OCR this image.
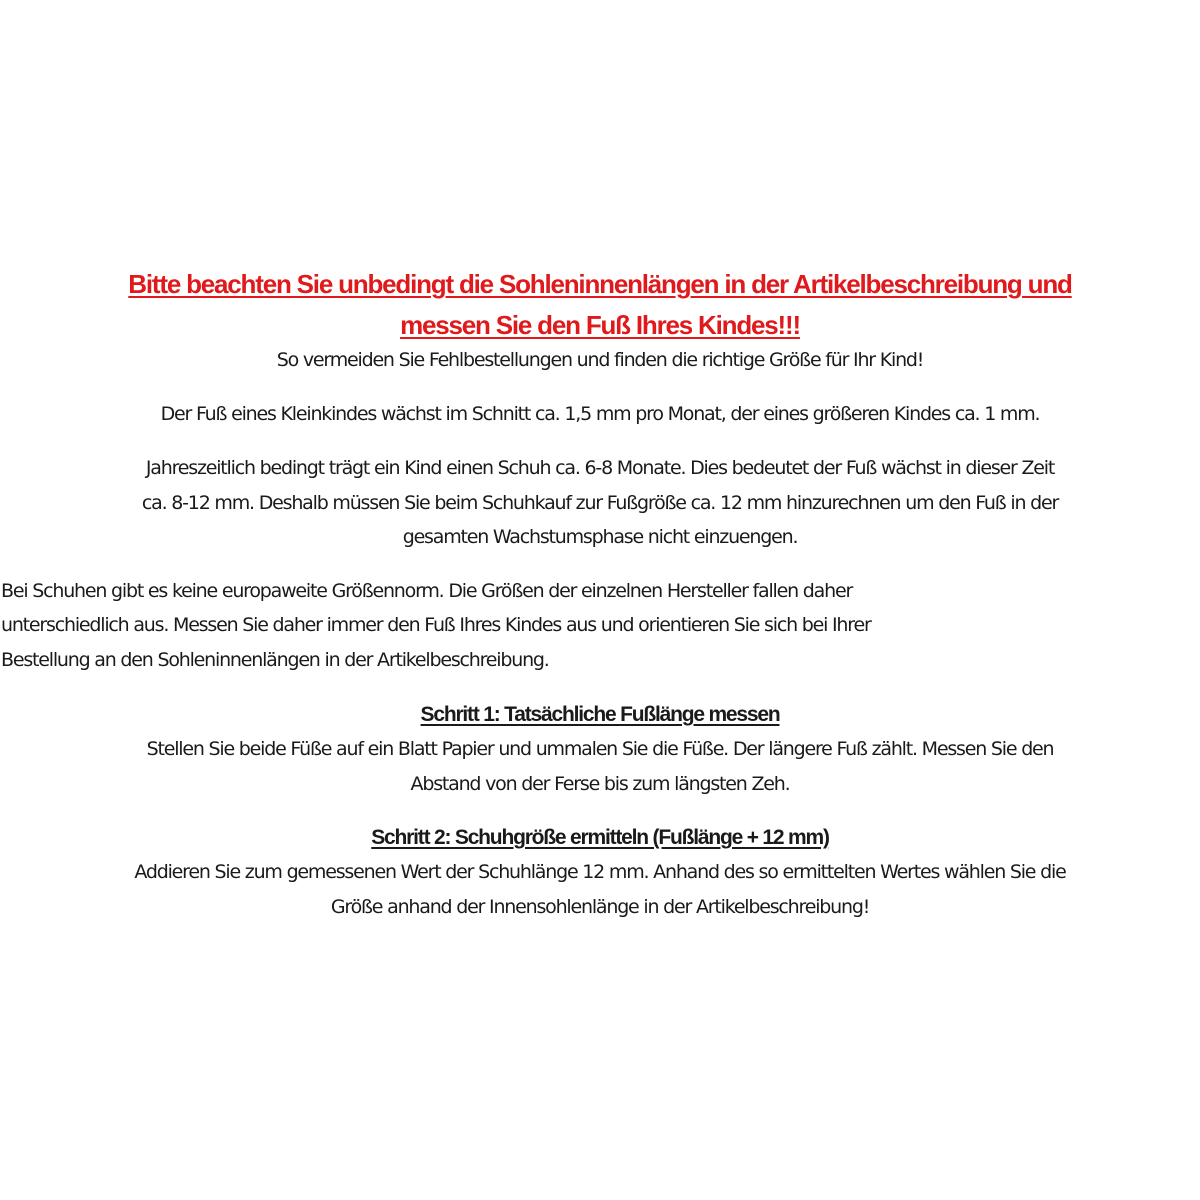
Bitte beachten Sie unbedingt die Sohleninnenlängen in der Artikelbeschreibung und

messen Sie den Fuß Ihres Kindes!!!

So vermeiden Sie Fehlbestellungen und finden die richtige Größe für Ihr Kind!

Der Fuß eines Kleinkindes wächst im Schnitt ca. 1,5 mm pro Monat, der eines größeren Kindes ca. 1 mm.

Jahreszeitlich bedingt trägt ein Kind einen Schuh ca. 6-8 Monate. Dies bedeutet der Fuß wächst in dieser Zeit

ca. 8-12 mm. Deshalb müssen Sie beim Schuhkauf zur Fußgröße ca. 12 mm hinzurechnen um den Fuß in der

gesamten Wachstumsphase nicht einzuengen.

Bei Schuhen gibt es keine europaweite Größennorm. Die Größen der einzelnen Hersteller fallen daher

unterschiedlich aus. Messen Sie daher immer den Fuß Ihres Kindes aus und orientieren Sie sich bei Ihrer

Bestellung an den Sohleninnenlängen in der Artikelbeschreibung.

Schritt 1: Tatsächliche Fußlänge messen

Stellen Sie beide Füße auf ein Blatt Papier und ummalen Sie die Füße. Der längere Fuß zählt. Messen Sie den

Abstand von der Ferse bis zum längsten Zeh.

Schritt 2: Schuhgröße ermitteln (Fußlänge + 12 mm)

Addieren Sie zum gemessenen Wert der Schuhlänge 12 mm. Anhand des so ermittelten Wertes wählen Sie die

Größe anhand der Innensohlenlänge in der Artikelbeschreibung!
